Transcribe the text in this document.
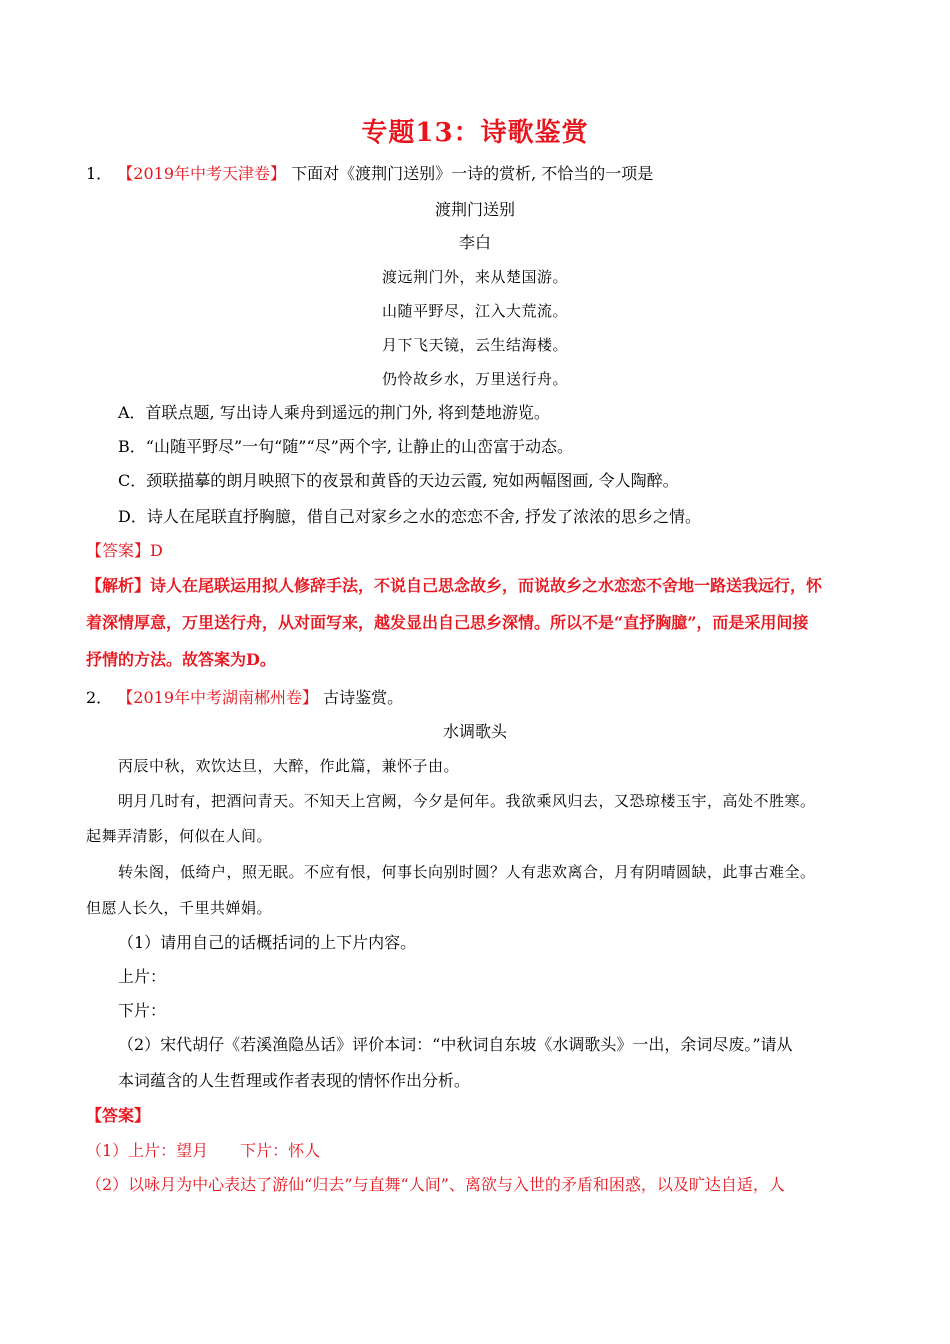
专题13：诗歌鉴赏
1． 【2019年中考天津卷】 下面对《渡荆门送别》一诗的赏析, 不恰当的一项是
渡荆门送别
李白
渡远荆门外，来从楚国游。
山随平野尽，江入大荒流。
月下飞天镜，云生结海楼。
仍怜故乡水，万里送行舟。
A．首联点题, 写出诗人乘舟到遥远的荆门外, 将到楚地游览。
B．“山随平野尽”一句“随”“尽”两个字, 让静止的山峦富于动态。
C．颈联描摹的朗月映照下的夜景和黄昏的天边云霞, 宛如两幅图画, 令人陶醉。
D．诗人在尾联直抒胸臆，借自己对家乡之水的恋恋不舍, 抒发了浓浓的思乡之情。
【答案】D
【解析】诗人在尾联运用拟人修辞手法，不说自己思念故乡，而说故乡之水恋恋不舍地一路送我远行，怀
着深情厚意，万里送行舟，从对面写来，越发显出自己思乡深情。所以不是“直抒胸臆”，而是采用间接
抒情的方法。故答案为D。
2． 【2019年中考湖南郴州卷】 古诗鉴赏。
水调歌头
丙辰中秋，欢饮达旦，大醉，作此篇，兼怀子由。
明月几时有，把酒问青天。不知天上宫阙，今夕是何年。我欲乘风归去，又恐琼楼玉宇，高处不胜寒。
起舞弄清影，何似在人间。
转朱阁，低绮户，照无眠。不应有恨，何事长向别时圆？人有悲欢离合，月有阴晴圆缺，此事古难全。
但愿人长久，千里共婵娟。
（1）请用自己的话概括词的上下片内容。
上片：
下片：
（2）宋代胡仔《若溪渔隐丛话》评价本词：“中秋词自东坡《水调歌头》一出，余词尽废。”请从
本词蕴含的人生哲理或作者表现的情怀作出分析。
【答案】
（1）上片：望月　　下片：怀人
（2）以咏月为中心表达了游仙“归去”与直舞“人间”、离欲与入世的矛盾和困惑，以及旷达自适，人
